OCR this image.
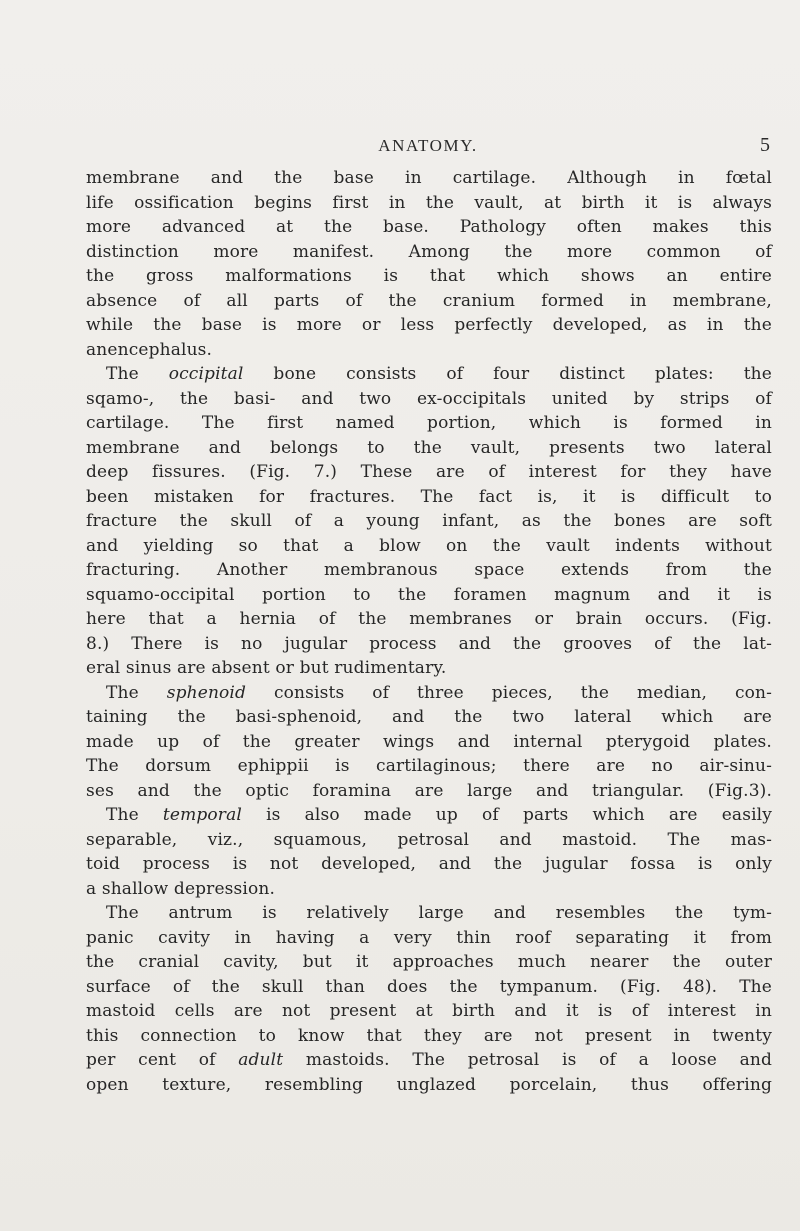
ANATOMY.	5
membrane and the base in cartilage. Although in fœtal
life ossification begins first in the vault, at birth it is always
more advanced at the base. Pathology often makes this
distinction more manifest. Among the more common of
the gross malformations is that which shows an entire
absence of all parts of the cranium formed in membrane,
while the base is more or less perfectly developed, as in the
anencephalus.
The occipital bone consists of four distinct plates: the
sqamo-, the basi- and two ex-occipitals united by strips of
cartilage. The first named portion, which is formed in
membrane and belongs to the vault, presents two lateral
deep fissures. (Fig. 7.) These are of interest for they have
been mistaken for fractures. The fact is, it is difficult to
fracture the skull of a young infant, as the bones are soft
and yielding so that a blow on the vault indents without
fracturing. Another membranous space extends from the
squamo-occipital portion to the foramen magnum and it is
here that a hernia of the membranes or brain occurs. (Fig.
8.) There is no jugular process and the grooves of the lat-
eral sinus are absent or but rudimentary.
The sphenoid consists of three pieces, the median, con-
taining the basi-sphenoid, and the two lateral which are
made up of the greater wings and internal pterygoid plates.
The dorsum ephippii is cartilaginous; there are no air-sinu-
ses and the optic foramina are large and triangular. (Fig.3).
The temporal is also made up of parts which are easily
separable, viz., squamous, petrosal and mastoid. The mas-
toid process is not developed, and the jugular fossa is only
a shallow depression.
The antrum is relatively large and resembles the tym-
panic cavity in having a very thin roof separating it from
the cranial cavity, but it approaches much nearer the outer
surface of the skull than does the tympanum. (Fig. 48). The
mastoid cells are not present at birth and it is of interest in
this connection to know that they are not present in twenty
per cent of adult mastoids. The petrosal is of a loose and
open texture, resembling unglazed porcelain, thus offering
